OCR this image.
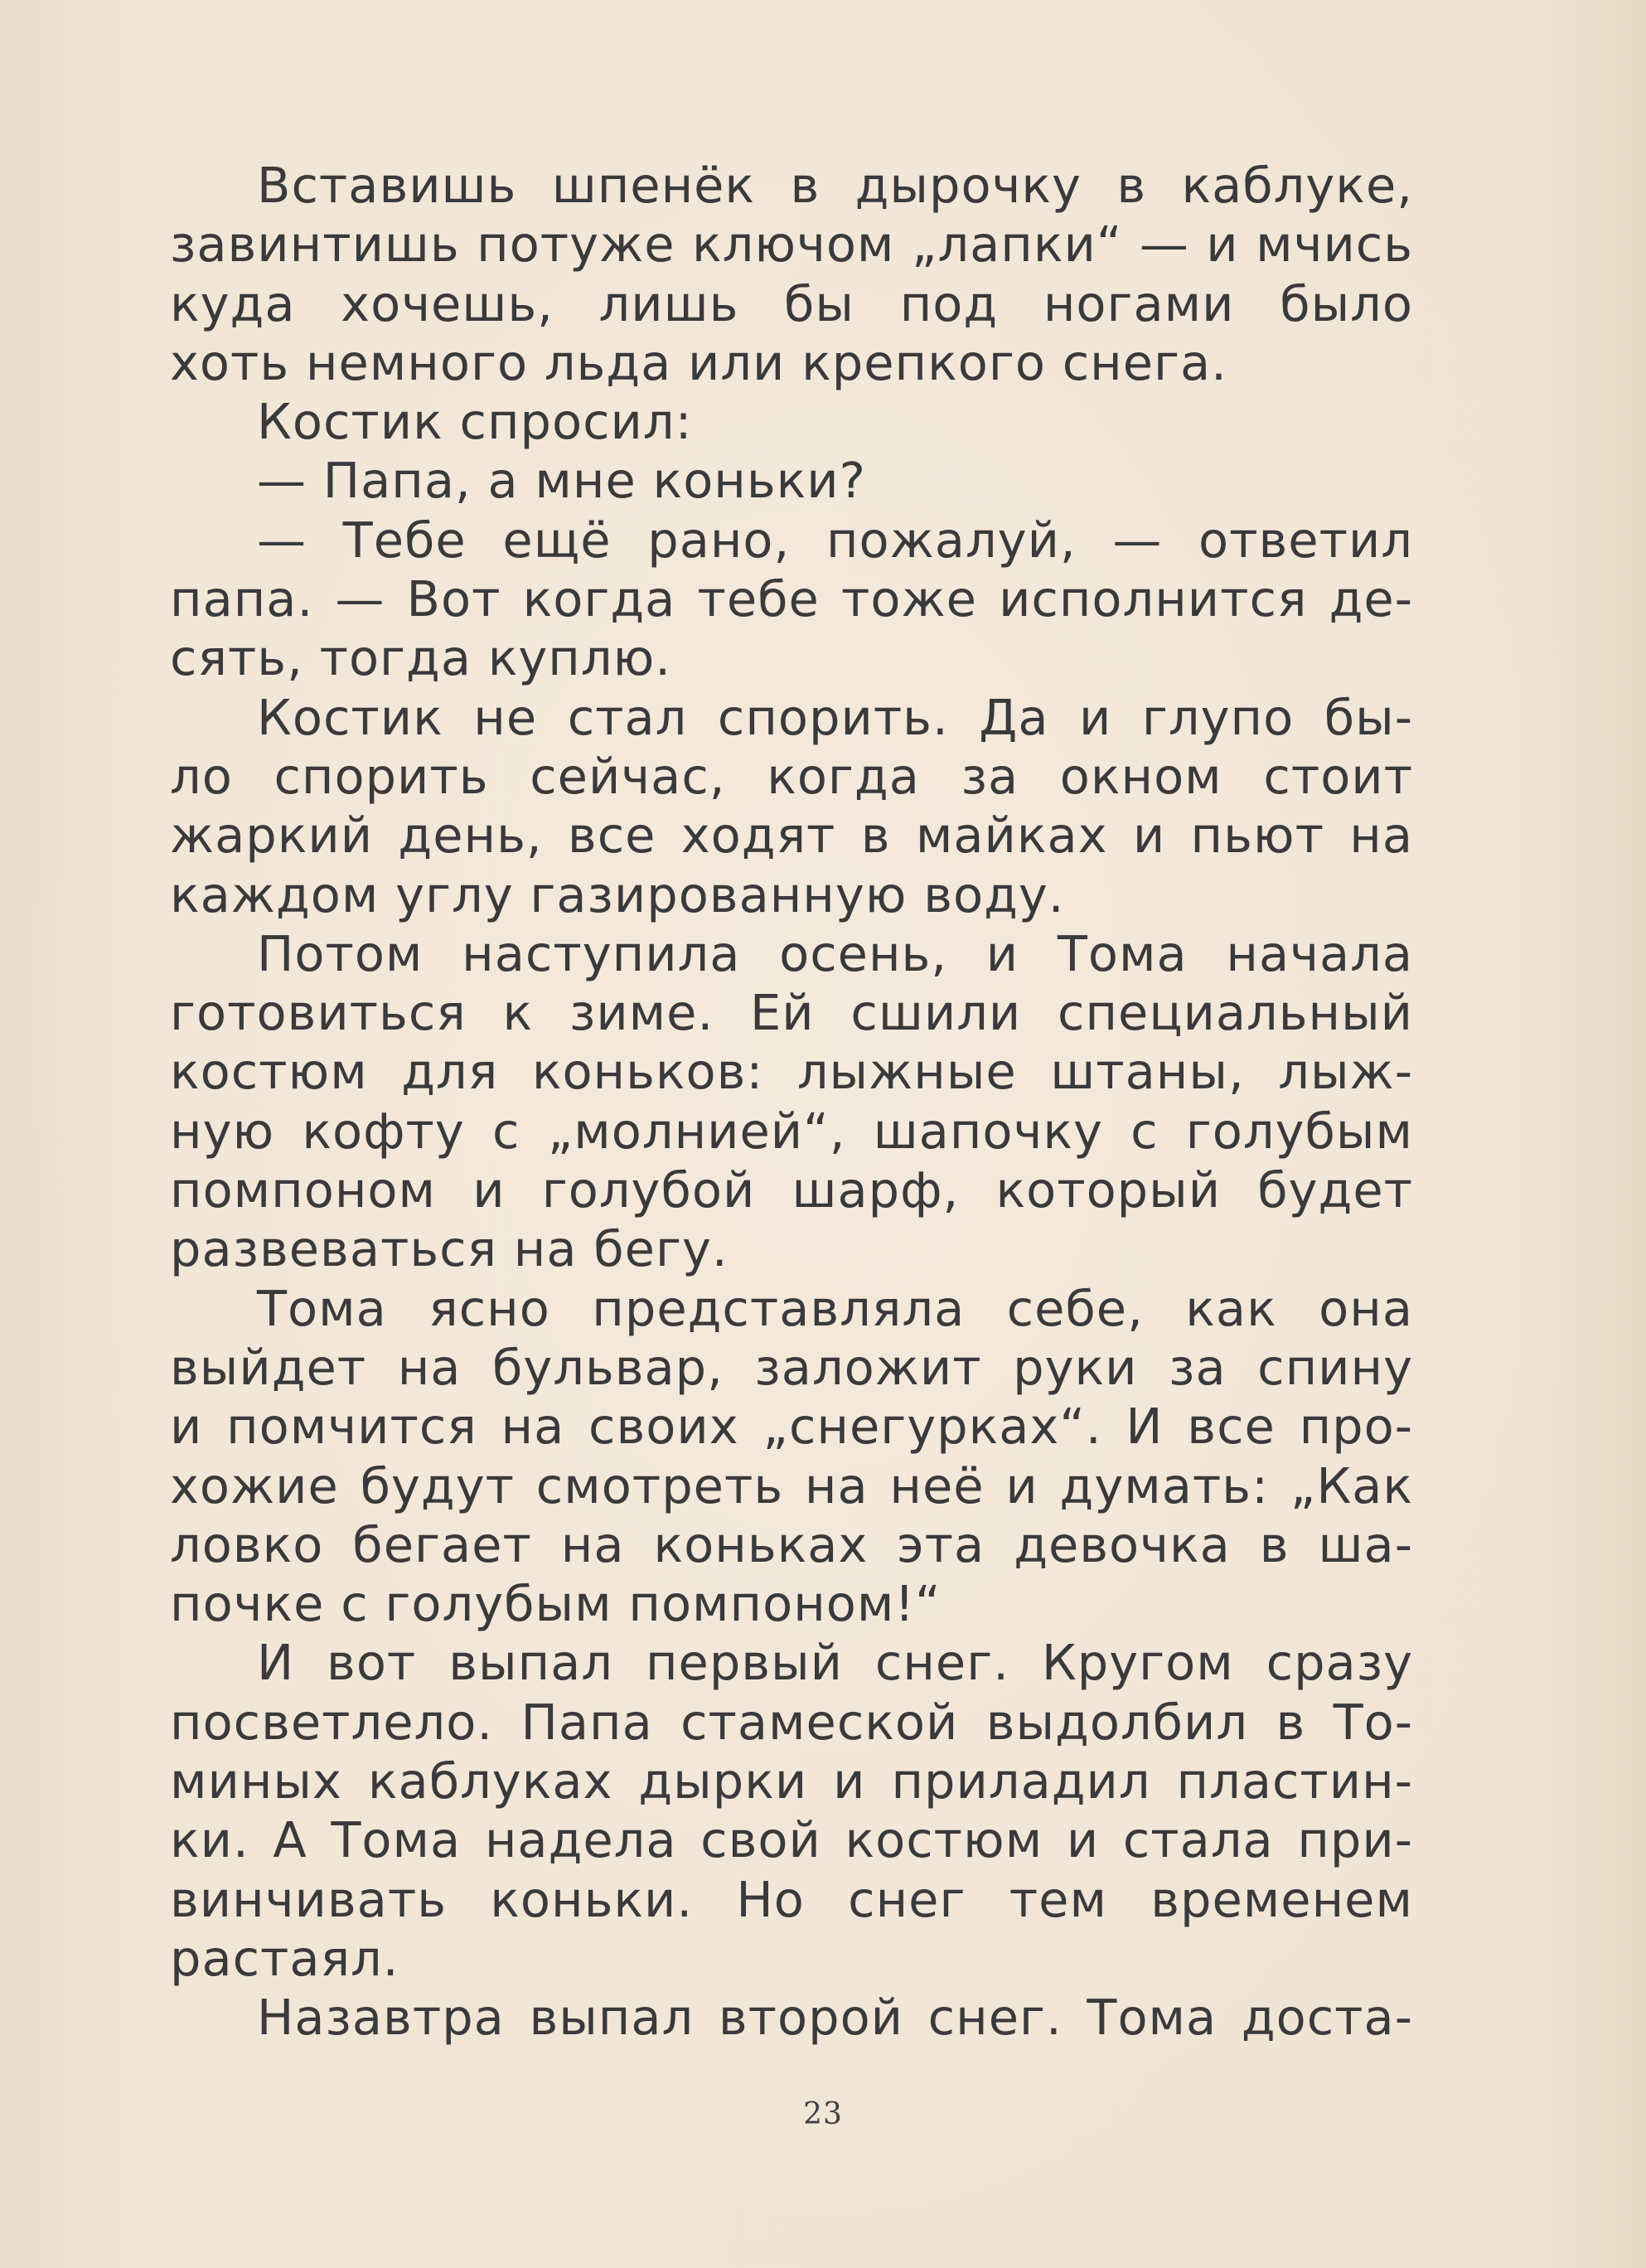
Вставишь шпенёк в дырочку в каблуке,
завинтишь потуже ключом „лапки“ — и мчись
куда хочешь, лишь бы под ногами было
хоть немного льда или крепкого снега.
Костик спросил:
— Папа, а мне коньки?
— Тебе ещё рано, пожалуй, — ответил
папа. — Вот когда тебе тоже исполнится де-
сять, тогда куплю.
Костик не стал спорить. Да и глупо бы-
ло спорить сейчас, когда за окном стоит
жаркий день, все ходят в майках и пьют на
каждом углу газированную воду.
Потом наступила осень, и Тома начала
готовиться к зиме. Ей сшили специальный
костюм для коньков: лыжные штаны, лыж-
ную кофту с „молнией“, шапочку с голубым
помпоном и голубой шарф, который будет
развеваться на бегу.
Тома ясно представляла себе, как она
выйдет на бульвар, заложит руки за спину
и помчится на своих „снегурках“. И все про-
хожие будут смотреть на неё и думать: „Как
ловко бегает на коньках эта девочка в ша-
почке с голубым помпоном!“
И вот выпал первый снег. Кругом сразу
посветлело. Папа стамеской выдолбил в То-
миных каблуках дырки и приладил пластин-
ки. А Тома надела свой костюм и стала при-
винчивать коньки. Но снег тем временем
растаял.
Назавтра выпал второй снег. Тома доста-
23
